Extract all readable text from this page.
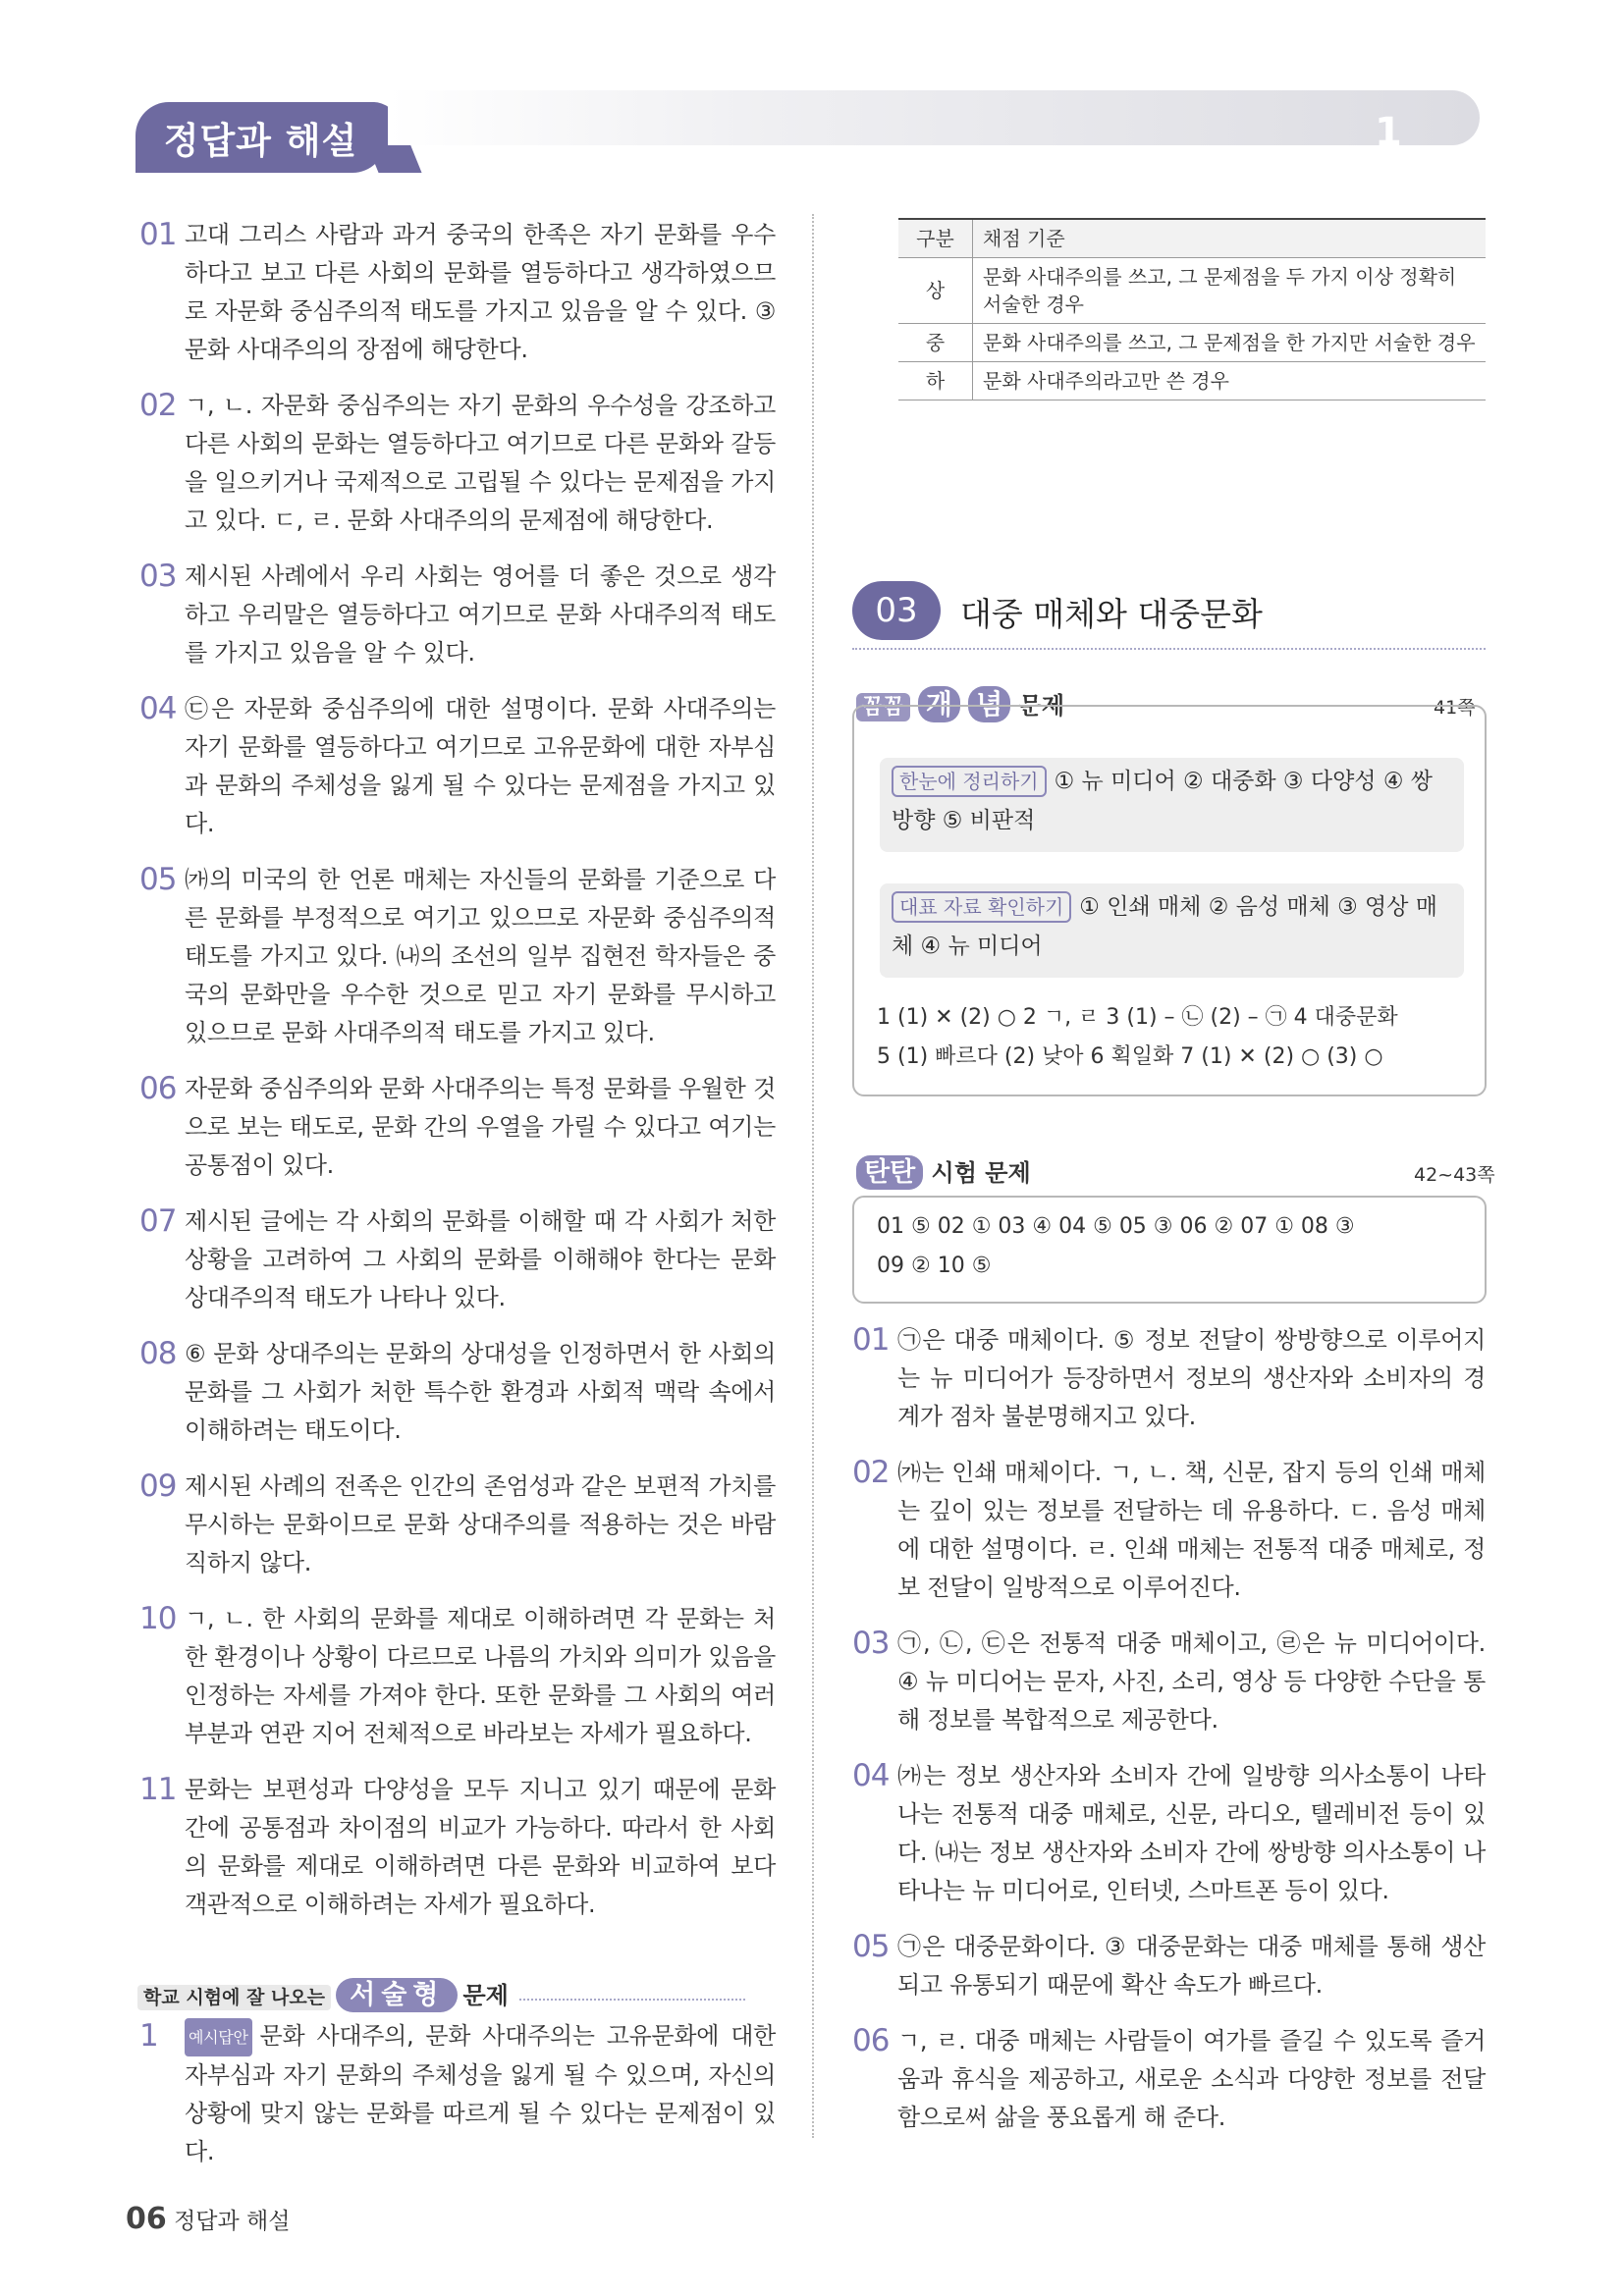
정답과 해설	1
01 고대 그리스 사람과 과거 중국의 한족은 자기 문화를 우수하다고 보고 다른 사회의 문화를 열등하다고 생각하였으므로 자문화 중심주의적 태도를 가지고 있음을 알 수 있다. ③ 문화 사대주의의 장점에 해당한다.
02 ㄱ, ㄴ. 자문화 중심주의는 자기 문화의 우수성을 강조하고 다른 사회의 문화는 열등하다고 여기므로 다른 문화와 갈등을 일으키거나 국제적으로 고립될 수 있다는 문제점을 가지고 있다. ㄷ, ㄹ. 문화 사대주의의 문제점에 해당한다.
03 제시된 사례에서 우리 사회는 영어를 더 좋은 것으로 생각하고 우리말은 열등하다고 여기므로 문화 사대주의적 태도를 가지고 있음을 알 수 있다.
04 ㉢은 자문화 중심주의에 대한 설명이다. 문화 사대주의는 자기 문화를 열등하다고 여기므로 고유문화에 대한 자부심과 문화의 주체성을 잃게 될 수 있다는 문제점을 가지고 있다.
05 ㈎의 미국의 한 언론 매체는 자신들의 문화를 기준으로 다른 문화를 부정적으로 여기고 있으므로 자문화 중심주의적 태도를 가지고 있다. ㈏의 조선의 일부 집현전 학자들은 중국의 문화만을 우수한 것으로 믿고 자기 문화를 무시하고 있으므로 문화 사대주의적 태도를 가지고 있다.
06 자문화 중심주의와 문화 사대주의는 특정 문화를 우월한 것으로 보는 태도로, 문화 간의 우열을 가릴 수 있다고 여기는 공통점이 있다.
07 제시된 글에는 각 사회의 문화를 이해할 때 각 사회가 처한 상황을 고려하여 그 사회의 문화를 이해해야 한다는 문화 상대주의적 태도가 나타나 있다.
08 ⑥ 문화 상대주의는 문화의 상대성을 인정하면서 한 사회의 문화를 그 사회가 처한 특수한 환경과 사회적 맥락 속에서 이해하려는 태도이다.
09 제시된 사례의 전족은 인간의 존엄성과 같은 보편적 가치를 무시하는 문화이므로 문화 상대주의를 적용하는 것은 바람직하지 않다.
10 ㄱ, ㄴ. 한 사회의 문화를 제대로 이해하려면 각 문화는 처한 환경이나 상황이 다르므로 나름의 가치와 의미가 있음을 인정하는 자세를 가져야 한다. 또한 문화를 그 사회의 여러 부분과 연관 지어 전체적으로 바라보는 자세가 필요하다.
11 문화는 보편성과 다양성을 모두 지니고 있기 때문에 문화 간에 공통점과 차이점의 비교가 가능하다. 따라서 한 사회의 문화를 제대로 이해하려면 다른 문화와 비교하여 보다 객관적으로 이해하려는 자세가 필요하다.
학교 시험에 잘 나오는 서술형 문제
1	예시답안 문화 사대주의, 문화 사대주의는 고유문화에 대한 자부심과 자기 문화의 주체성을 잃게 될 수 있으며, 자신의 상황에 맞지 않는 문화를 따르게 될 수 있다는 문제점이 있다.
구분	채점 기준
상	문화 사대주의를 쓰고, 그 문제점을 두 가지 이상 정확히 서술한 경우
중	문화 사대주의를 쓰고, 그 문제점을 한 가지만 서술한 경우
하	문화 사대주의라고만 쓴 경우
03	대중 매체와 대중문화
꼼꼼 개 념 문제	41쪽
한눈에 정리하기 ① 뉴 미디어 ② 대중화 ③ 다양성 ④ 쌍방향 ⑤ 비판적
대표 자료 확인하기 ① 인쇄 매체 ② 음성 매체 ③ 영상 매체 ④ 뉴 미디어
1 (1) ✕ (2) ○ 2 ㄱ, ㄹ 3 (1) – ㉡ (2) – ㉠ 4 대중문화
5 (1) 빠르다 (2) 낮아 6 획일화 7 (1) ✕ (2) ○ (3) ○
탄탄 시험 문제	42~43쪽
01 ⑤ 02 ① 03 ④ 04 ⑤ 05 ③ 06 ② 07 ① 08 ③
09 ② 10 ⑤
01 ㉠은 대중 매체이다. ⑤ 정보 전달이 쌍방향으로 이루어지는 뉴 미디어가 등장하면서 정보의 생산자와 소비자의 경계가 점차 불분명해지고 있다.
02 ㈎는 인쇄 매체이다. ㄱ, ㄴ. 책, 신문, 잡지 등의 인쇄 매체는 깊이 있는 정보를 전달하는 데 유용하다. ㄷ. 음성 매체에 대한 설명이다. ㄹ. 인쇄 매체는 전통적 대중 매체로, 정보 전달이 일방적으로 이루어진다.
03 ㉠, ㉡, ㉢은 전통적 대중 매체이고, ㉣은 뉴 미디어이다. ④ 뉴 미디어는 문자, 사진, 소리, 영상 등 다양한 수단을 통해 정보를 복합적으로 제공한다.
04 ㈎는 정보 생산자와 소비자 간에 일방향 의사소통이 나타나는 전통적 대중 매체로, 신문, 라디오, 텔레비전 등이 있다. ㈏는 정보 생산자와 소비자 간에 쌍방향 의사소통이 나타나는 뉴 미디어로, 인터넷, 스마트폰 등이 있다.
05 ㉠은 대중문화이다. ③ 대중문화는 대중 매체를 통해 생산되고 유통되기 때문에 확산 속도가 빠르다.
06 ㄱ, ㄹ. 대중 매체는 사람들이 여가를 즐길 수 있도록 즐거움과 휴식을 제공하고, 새로운 소식과 다양한 정보를 전달함으로써 삶을 풍요롭게 해 준다.
06 정답과 해설
